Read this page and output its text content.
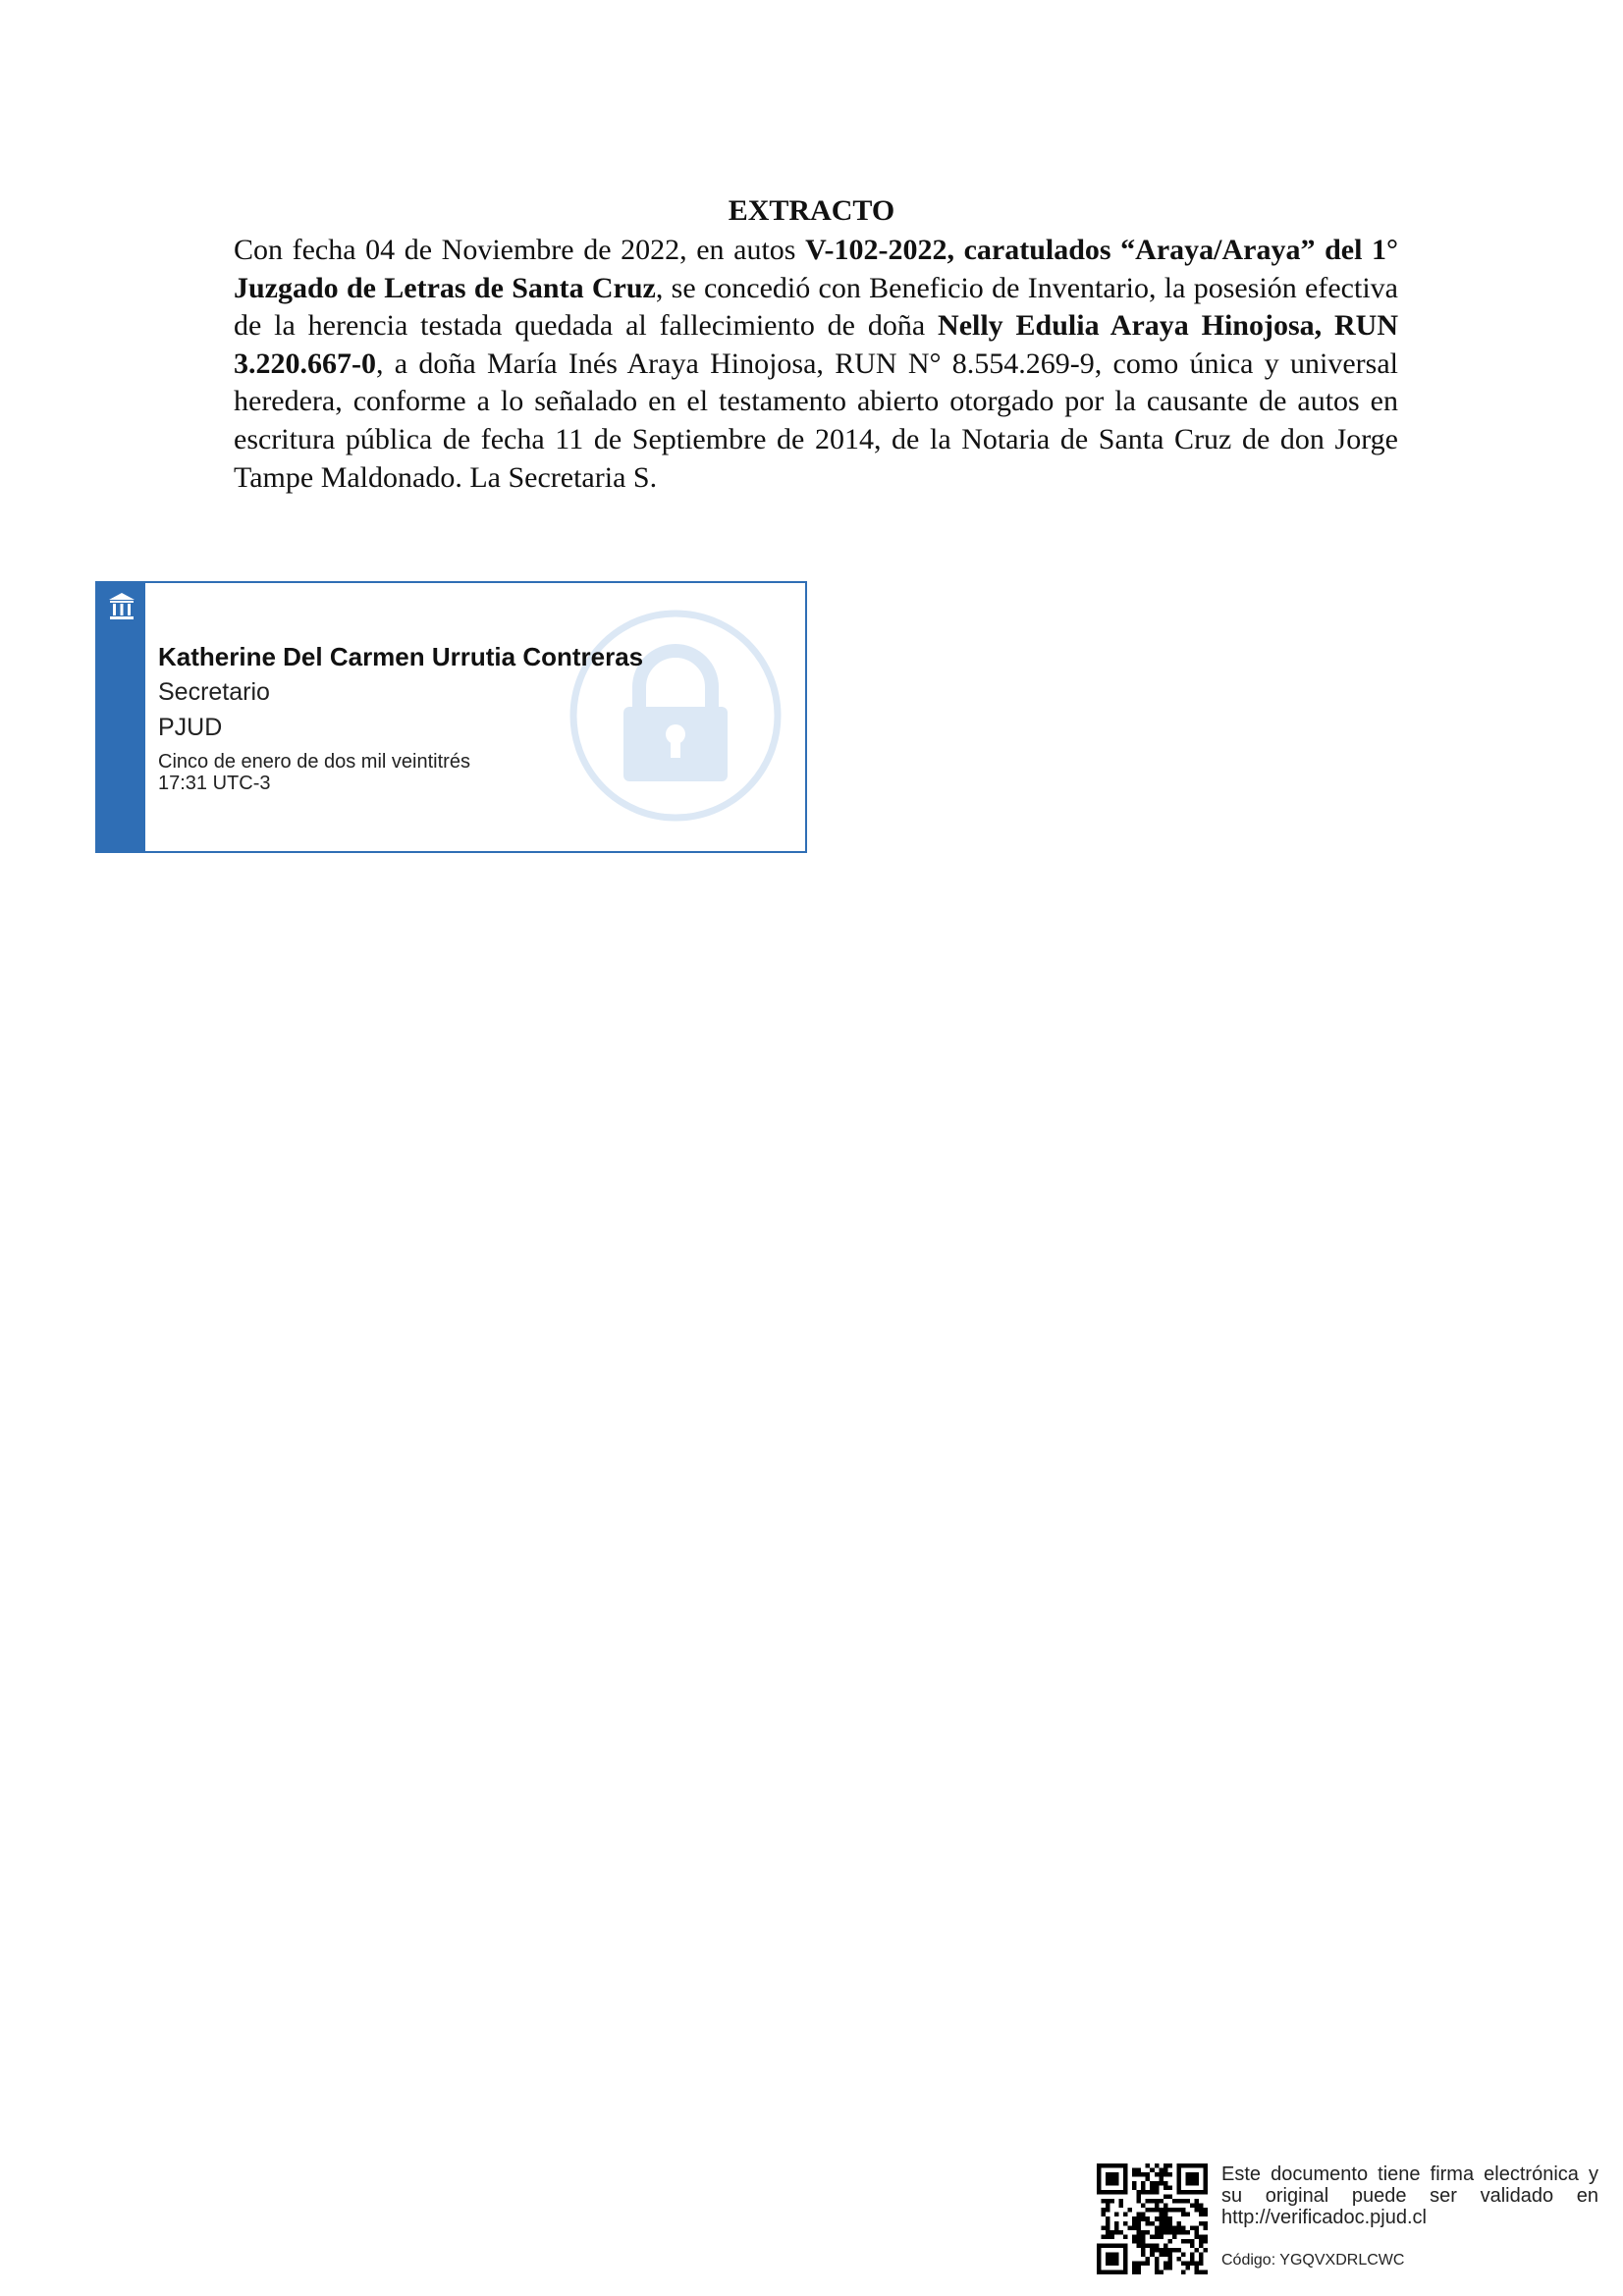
EXTRACTO
Con fecha 04 de Noviembre de 2022, en autos V-102-2022, caratulados “Araya/Araya” del 1° Juzgado de Letras de Santa Cruz, se concedió con Beneficio de Inventario, la posesión efectiva de la herencia testada quedada al fallecimiento de doña Nelly Edulia Araya Hinojosa, RUN 3.220.667-0, a doña María Inés Araya Hinojosa, RUN N° 8.554.269-9, como única y universal heredera, conforme a lo señalado en el testamento abierto otorgado por la causante de autos en escritura pública de fecha 11 de Septiembre de 2014, de la Notaria de Santa Cruz de don Jorge Tampe Maldonado. La Secretaria S.
Katherine Del Carmen Urrutia Contreras
Secretario
PJUD
Cinco de enero de dos mil veintitrés
17:31 UTC-3
Este documento tiene firma electrónica y su original puede ser validado en http://verificadoc.pjud.cl
Código: YGQVXDRLCWC
